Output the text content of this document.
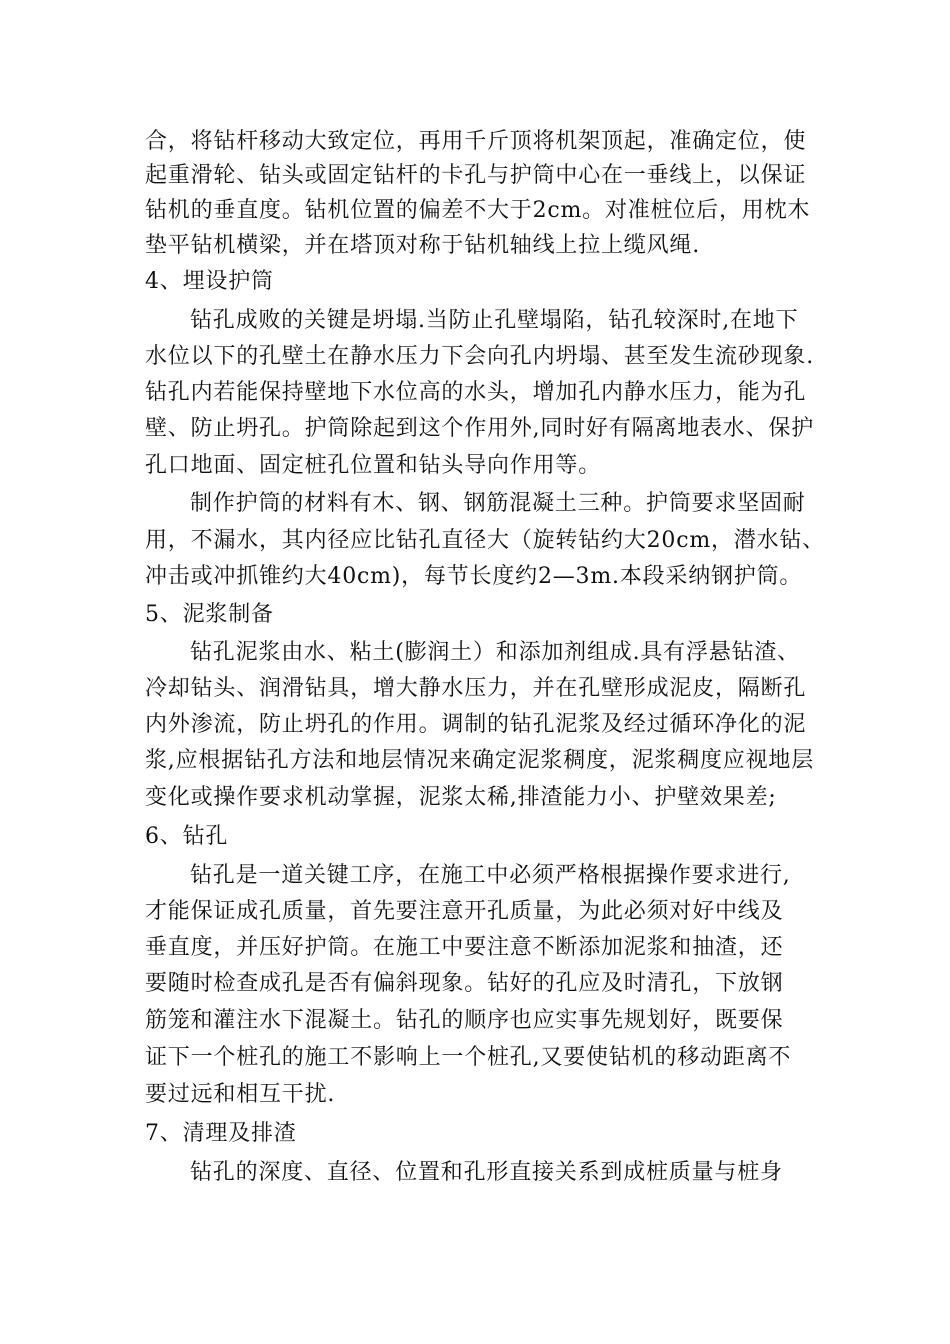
合，将钻杆移动大致定位，再用千斤顶将机架顶起，准确定位，使
起重滑轮、钻头或固定钻杆的卡孔与护筒中心在一垂线上，以保证
钻机的垂直度。钻机位置的偏差不大于2cm。对准桩位后，用枕木
垫平钻机横梁，并在塔顶对称于钻机轴线上拉上缆风绳.
4、埋设护筒
钻孔成败的关键是坍塌.当防止孔壁塌陷，钻孔较深时,在地下
水位以下的孔壁土在静水压力下会向孔内坍塌、甚至发生流砂现象.
钻孔内若能保持壁地下水位高的水头，增加孔内静水压力，能为孔
壁、防止坍孔。护筒除起到这个作用外,同时好有隔离地表水、保护
孔口地面、固定桩孔位置和钻头导向作用等。
制作护筒的材料有木、钢、钢筋混凝土三种。护筒要求坚固耐
用，不漏水，其内径应比钻孔直径大（旋转钻约大20cm，潜水钻、
冲击或冲抓锥约大40cm)，每节长度约2—3m.本段采纳钢护筒。
5、泥浆制备
钻孔泥浆由水、粘土(膨润土）和添加剂组成.具有浮悬钻渣、
冷却钻头、润滑钻具，增大静水压力，并在孔壁形成泥皮，隔断孔
内外渗流，防止坍孔的作用。调制的钻孔泥浆及经过循环净化的泥
浆,应根据钻孔方法和地层情况来确定泥浆稠度，泥浆稠度应视地层
变化或操作要求机动掌握，泥浆太稀,排渣能力小、护壁效果差;
6、钻孔
钻孔是一道关键工序，在施工中必须严格根据操作要求进行,
才能保证成孔质量，首先要注意开孔质量，为此必须对好中线及
垂直度，并压好护筒。在施工中要注意不断添加泥浆和抽渣，还
要随时检查成孔是否有偏斜现象。钻好的孔应及时清孔，下放钢
筋笼和灌注水下混凝土。钻孔的顺序也应实事先规划好，既要保
证下一个桩孔的施工不影响上一个桩孔,又要使钻机的移动距离不
要过远和相互干扰.
7、清理及排渣
钻孔的深度、直径、位置和孔形直接关系到成桩质量与桩身
